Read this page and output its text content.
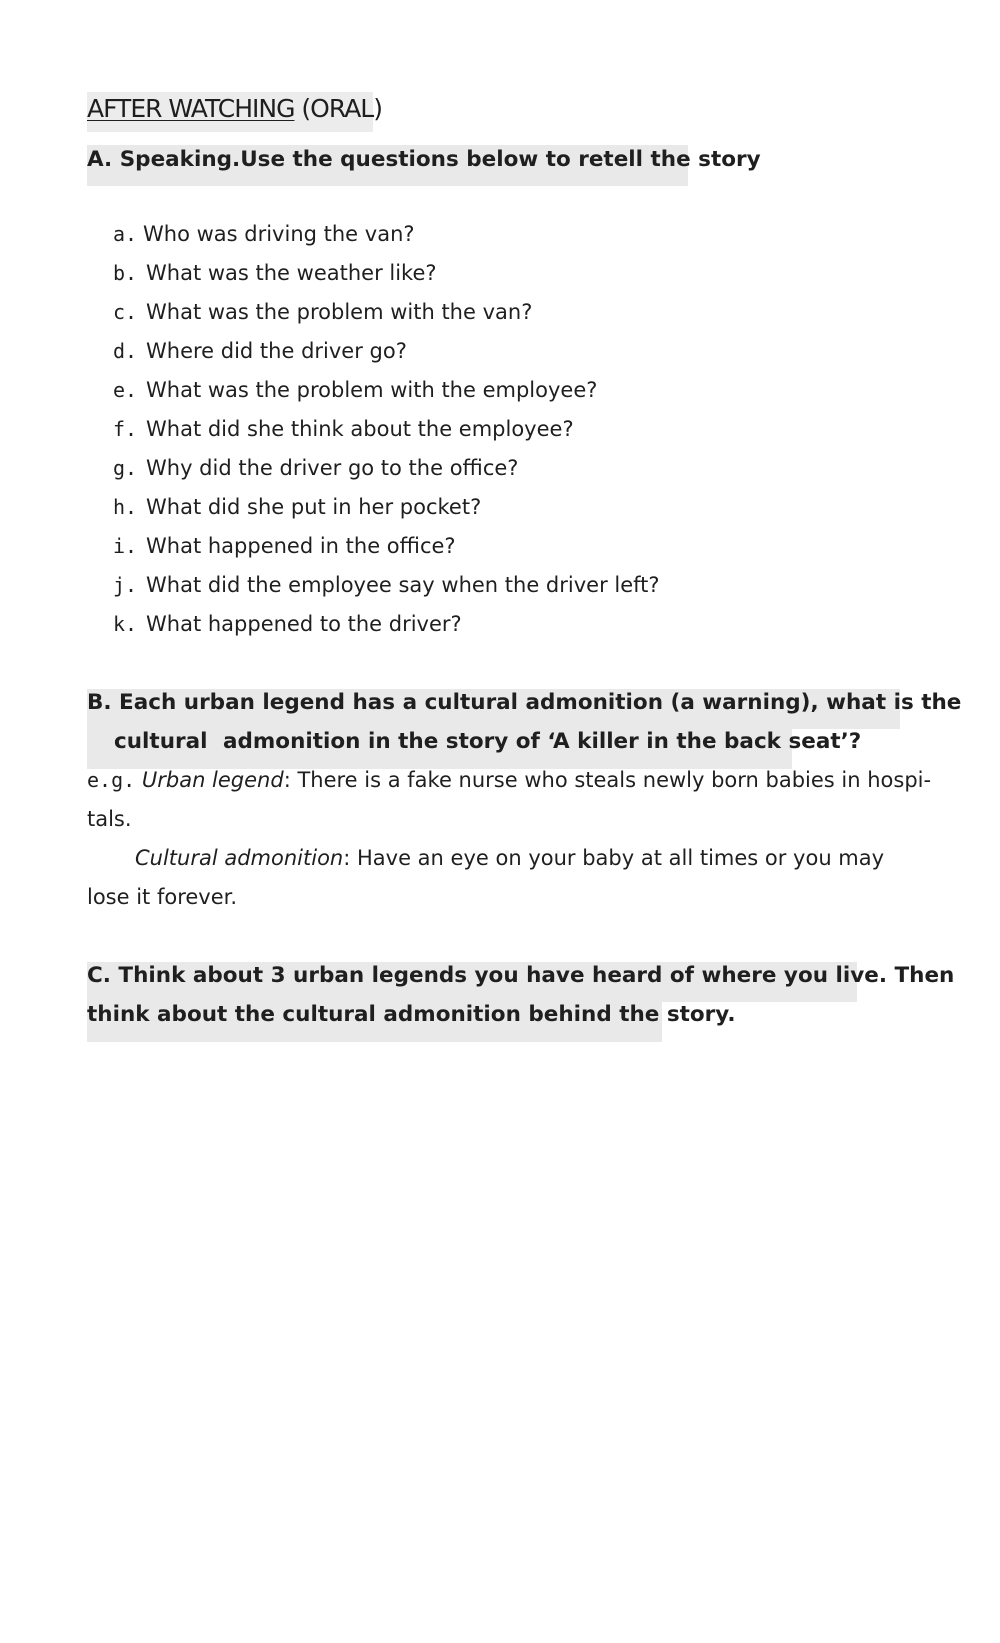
AFTER WATCHING (ORAL)
A. Speaking.Use the questions below to retell the story
a. Who was driving the van?
b. What was the weather like?
c. What was the problem with the van?
d. Where did the driver go?
e. What was the problem with the employee?
f. What did she think about the employee?
g. Why did the driver go to the office?
h. What did she put in her pocket?
i. What happened in the office?
j. What did the employee say when the driver left?
k. What happened to the driver?
B. Each urban legend has a cultural admonition (a warning), what is the
cultural admonition in the story of ‘A killer in the back seat’?
e.g. Urban legend: There is a fake nurse who steals newly born babies in hospi-
tals.
Cultural admonition: Have an eye on your baby at all times or you may
lose it forever.
C. Think about 3 urban legends you have heard of where you live. Then
think about the cultural admonition behind the story.
